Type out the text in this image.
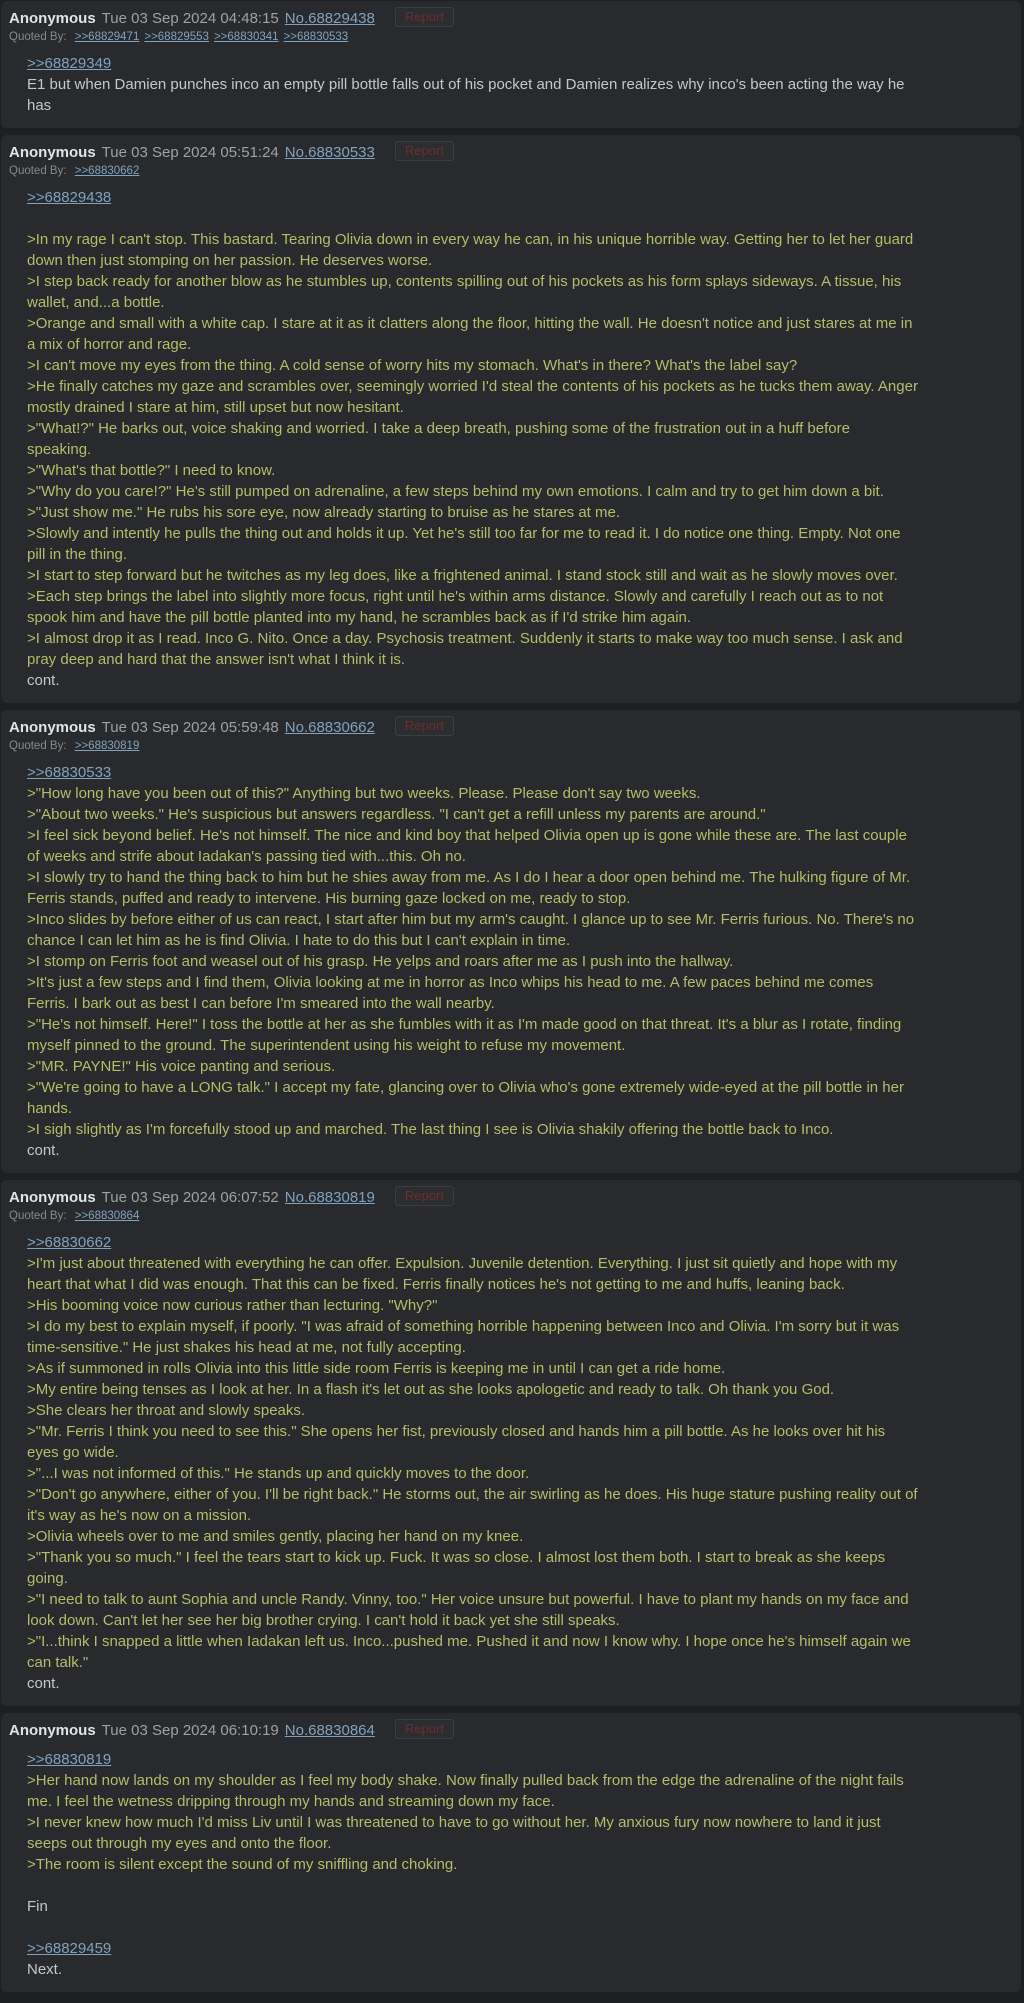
Anonymous Tue 03 Sep 2024 04:48:15 No.68829438 Report
Quoted By: >>68829471 >>68829553 >>68830341 >>68830533
>>68829349
E1 but when Damien punches inco an empty pill bottle falls out of his pocket and Damien realizes why inco's been acting the way he has
Anonymous Tue 03 Sep 2024 05:51:24 No.68830533 Report
Quoted By: >>68830662
>>68829438

>In my rage I can't stop. This bastard. Tearing Olivia down in every way he can, in his unique horrible way. Getting her to let her guard down then just stomping on her passion. He deserves worse.
>I step back ready for another blow as he stumbles up, contents spilling out of his pockets as his form splays sideways. A tissue, his wallet, and...a bottle.
>Orange and small with a white cap. I stare at it as it clatters along the floor, hitting the wall. He doesn't notice and just stares at me in a mix of horror and rage.
>I can't move my eyes from the thing. A cold sense of worry hits my stomach. What's in there? What's the label say?
>He finally catches my gaze and scrambles over, seemingly worried I'd steal the contents of his pockets as he tucks them away. Anger mostly drained I stare at him, still upset but now hesitant.
>"What!?" He barks out, voice shaking and worried. I take a deep breath, pushing some of the frustration out in a huff before speaking.
>"What's that bottle?" I need to know.
>"Why do you care!?" He's still pumped on adrenaline, a few steps behind my own emotions. I calm and try to get him down a bit.
>"Just show me." He rubs his sore eye, now already starting to bruise as he stares at me.
>Slowly and intently he pulls the thing out and holds it up. Yet he's still too far for me to read it. I do notice one thing. Empty. Not one pill in the thing.
>I start to step forward but he twitches as my leg does, like a frightened animal. I stand stock still and wait as he slowly moves over.
>Each step brings the label into slightly more focus, right until he's within arms distance. Slowly and carefully I reach out as to not spook him and have the pill bottle planted into my hand, he scrambles back as if I'd strike him again.
>I almost drop it as I read. Inco G. Nito. Once a day. Psychosis treatment. Suddenly it starts to make way too much sense. I ask and pray deep and hard that the answer isn't what I think it is.
cont.
Anonymous Tue 03 Sep 2024 05:59:48 No.68830662 Report
Quoted By: >>68830819
>>68830533
>"How long have you been out of this?" Anything but two weeks. Please. Please don't say two weeks.
>"About two weeks." He's suspicious but answers regardless. "I can't get a refill unless my parents are around."
>I feel sick beyond belief. He's not himself. The nice and kind boy that helped Olivia open up is gone while these are. The last couple of weeks and strife about Iadakan's passing tied with...this. Oh no.
>I slowly try to hand the thing back to him but he shies away from me. As I do I hear a door open behind me. The hulking figure of Mr. Ferris stands, puffed and ready to intervene. His burning gaze locked on me, ready to stop.
>Inco slides by before either of us can react, I start after him but my arm's caught. I glance up to see Mr. Ferris furious. No. There's no chance I can let him as he is find Olivia. I hate to do this but I can't explain in time.
>I stomp on Ferris foot and weasel out of his grasp. He yelps and roars after me as I push into the hallway.
>It's just a few steps and I find them, Olivia looking at me in horror as Inco whips his head to me. A few paces behind me comes Ferris. I bark out as best I can before I'm smeared into the wall nearby.
>"He's not himself. Here!" I toss the bottle at her as she fumbles with it as I'm made good on that threat. It's a blur as I rotate, finding myself pinned to the ground. The superintendent using his weight to refuse my movement.
>"MR. PAYNE!" His voice panting and serious.
>"We're going to have a LONG talk." I accept my fate, glancing over to Olivia who's gone extremely wide-eyed at the pill bottle in her hands.
>I sigh slightly as I'm forcefully stood up and marched. The last thing I see is Olivia shakily offering the bottle back to Inco.
cont.
Anonymous Tue 03 Sep 2024 06:07:52 No.68830819 Report
Quoted By: >>68830864
>>68830662
>I'm just about threatened with everything he can offer. Expulsion. Juvenile detention. Everything. I just sit quietly and hope with my heart that what I did was enough. That this can be fixed. Ferris finally notices he's not getting to me and huffs, leaning back.
>His booming voice now curious rather than lecturing. "Why?"
>I do my best to explain myself, if poorly. "I was afraid of something horrible happening between Inco and Olivia. I'm sorry but it was time-sensitive." He just shakes his head at me, not fully accepting.
>As if summoned in rolls Olivia into this little side room Ferris is keeping me in until I can get a ride home.
>My entire being tenses as I look at her. In a flash it's let out as she looks apologetic and ready to talk. Oh thank you God.
>She clears her throat and slowly speaks.
>"Mr. Ferris I think you need to see this." She opens her fist, previously closed and hands him a pill bottle. As he looks over hit his eyes go wide.
>"...I was not informed of this." He stands up and quickly moves to the door.
>"Don't go anywhere, either of you. I'll be right back." He storms out, the air swirling as he does. His huge stature pushing reality out of it's way as he's now on a mission.
>Olivia wheels over to me and smiles gently, placing her hand on my knee.
>"Thank you so much." I feel the tears start to kick up. Fuck. It was so close. I almost lost them both. I start to break as she keeps going.
>"I need to talk to aunt Sophia and uncle Randy. Vinny, too." Her voice unsure but powerful. I have to plant my hands on my face and look down. Can't let her see her big brother crying. I can't hold it back yet she still speaks.
>"I...think I snapped a little when Iadakan left us. Inco...pushed me. Pushed it and now I know why. I hope once he's himself again we can talk."
cont.
Anonymous Tue 03 Sep 2024 06:10:19 No.68830864 Report
>>68830819
>Her hand now lands on my shoulder as I feel my body shake. Now finally pulled back from the edge the adrenaline of the night fails me. I feel the wetness dripping through my hands and streaming down my face.
>I never knew how much I'd miss Liv until I was threatened to have to go without her. My anxious fury now nowhere to land it just seeps out through my eyes and onto the floor.
>The room is silent except the sound of my sniffling and choking.

Fin

>>68829459
Next.
